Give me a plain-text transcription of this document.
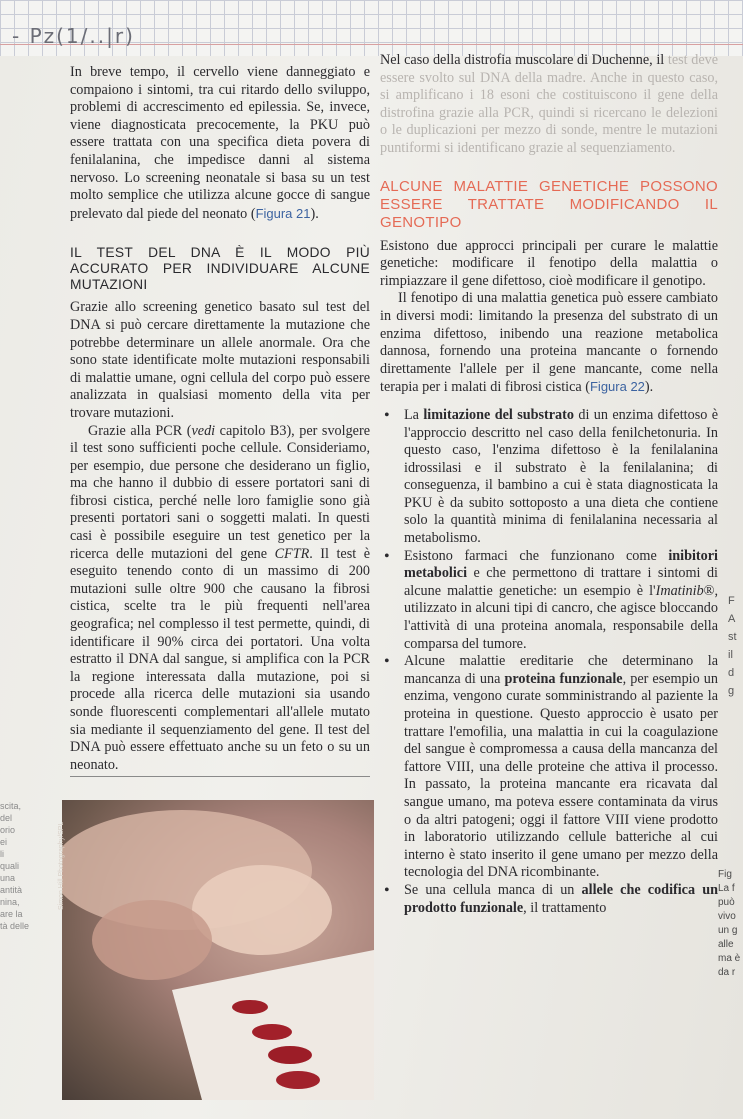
- Pz(1/..|r)

In breve tempo, il cervello viene danneggiato e compaiono i sintomi, tra cui ritardo dello sviluppo, problemi di accrescimento ed epilessia. Se, invece, viene diagnosticata precocemente, la PKU può essere trattata con una specifica dieta povera di fenilalanina, che impedisce danni al sistema nervoso. Lo screening neonatale si basa su un test molto semplice che utilizza alcune gocce di sangue prelevato dal piede del neonato (Figura 21).

IL TEST DEL DNA È IL MODO PIÙ ACCURATO PER INDIVIDUARE ALCUNE MUTAZIONI

Grazie allo screening genetico basato sul test del DNA si può cercare direttamente la mutazione che potrebbe determinare un allele anormale. Ora che sono state identificate molte mutazioni responsabili di malattie umane, ogni cellula del corpo può essere analizzata in qualsiasi momento della vita per trovare mutazioni.

Grazie alla PCR (vedi capitolo B3), per svolgere il test sono sufficienti poche cellule. Consideriamo, per esempio, due persone che desiderano un figlio, ma che hanno il dubbio di essere portatori sani di fibrosi cistica, perché nelle loro famiglie sono già presenti portatori sani o soggetti malati. In questi casi è possibile eseguire un test genetico per la ricerca delle mutazioni del gene CFTR. Il test è eseguito tenendo conto di un massimo di 200 mutazioni sulle oltre 900 che causano la fibrosi cistica, scelte tra le più frequenti nell'area geografica; nel complesso il test permette, quindi, di identificare il 90% circa dei portatori. Una volta estratto il DNA dal sangue, si amplifica con la PCR la regione interessata dalla mutazione, poi si procede alla ricerca delle mutazioni sia usando sonde fluorescenti complementari all'allele mutato sia mediante il sequenziamento del gene. Il test del DNA può essere effettuato anche su un feto o su un neonato.

scita,
del
orio
ei
li
quali
una
antità
nina,
are la
tà delle
Simon Hill Photography/SPL

Nel caso della distrofia muscolare di Duchenne, il test deve essere svolto sul DNA della madre. Anche in questo caso, si amplificano i 18 esoni che costituiscono il gene della distrofina grazie alla PCR, quindi si ricercano le delezioni o le duplicazioni per mezzo di sonde, mentre le mutazioni puntiformi si identificano grazie al sequenziamento.

ALCUNE MALATTIE GENETICHE POSSONO ESSERE TRATTATE MODIFICANDO IL GENOTIPO

Esistono due approcci principali per curare le malattie genetiche: modificare il fenotipo della malattia o rimpiazzare il gene difettoso, cioè modificare il genotipo.

Il fenotipo di una malattia genetica può essere cambiato in diversi modi: limitando la presenza del substrato di un enzima difettoso, inibendo una reazione metabolica dannosa, fornendo una proteina mancante o fornendo direttamente l'allele per il gene mancante, come nella terapia per i malati di fibrosi cistica (Figura 22).

• La limitazione del substrato di un enzima difettoso è l'approccio descritto nel caso della fenilchetonuria. In questo caso, l'enzima difettoso è la fenilalanina idrossilasi e il substrato è la fenilalanina; di conseguenza, il bambino a cui è stata diagnosticata la PKU è da subito sottoposto a una dieta che contiene solo la quantità minima di fenilalanina necessaria al metabolismo.

• Esistono farmaci che funzionano come inibitori metabolici e che permettono di trattare i sintomi di alcune malattie genetiche: un esempio è l'Imatinib®, utilizzato in alcuni tipi di cancro, che agisce bloccando l'attività di una proteina anomala, responsabile della comparsa del tumore.

• Alcune malattie ereditarie che determinano la mancanza di una proteina funzionale, per esempio un enzima, vengono curate somministrando al paziente la proteina in questione. Questo approccio è usato per trattare l'emofilia, una malattia in cui la coagulazione del sangue è compromessa a causa della mancanza del fattore VIII, una delle proteine che attiva il processo. In passato, la proteina mancante era ricavata dal sangue umano, ma poteva essere contaminata da virus o da altri patogeni; oggi il fattore VIII viene prodotto in laboratorio utilizzando cellule batteriche al cui interno è stato inserito il gene umano per mezzo della tecnologia del DNA ricombinante.

• Se una cellula manca di un allele che codifica un prodotto funzionale, il trattamento

F
A
st
il
d
g
Fig
La f
può
vivo
un g
alle
ma è
da r
